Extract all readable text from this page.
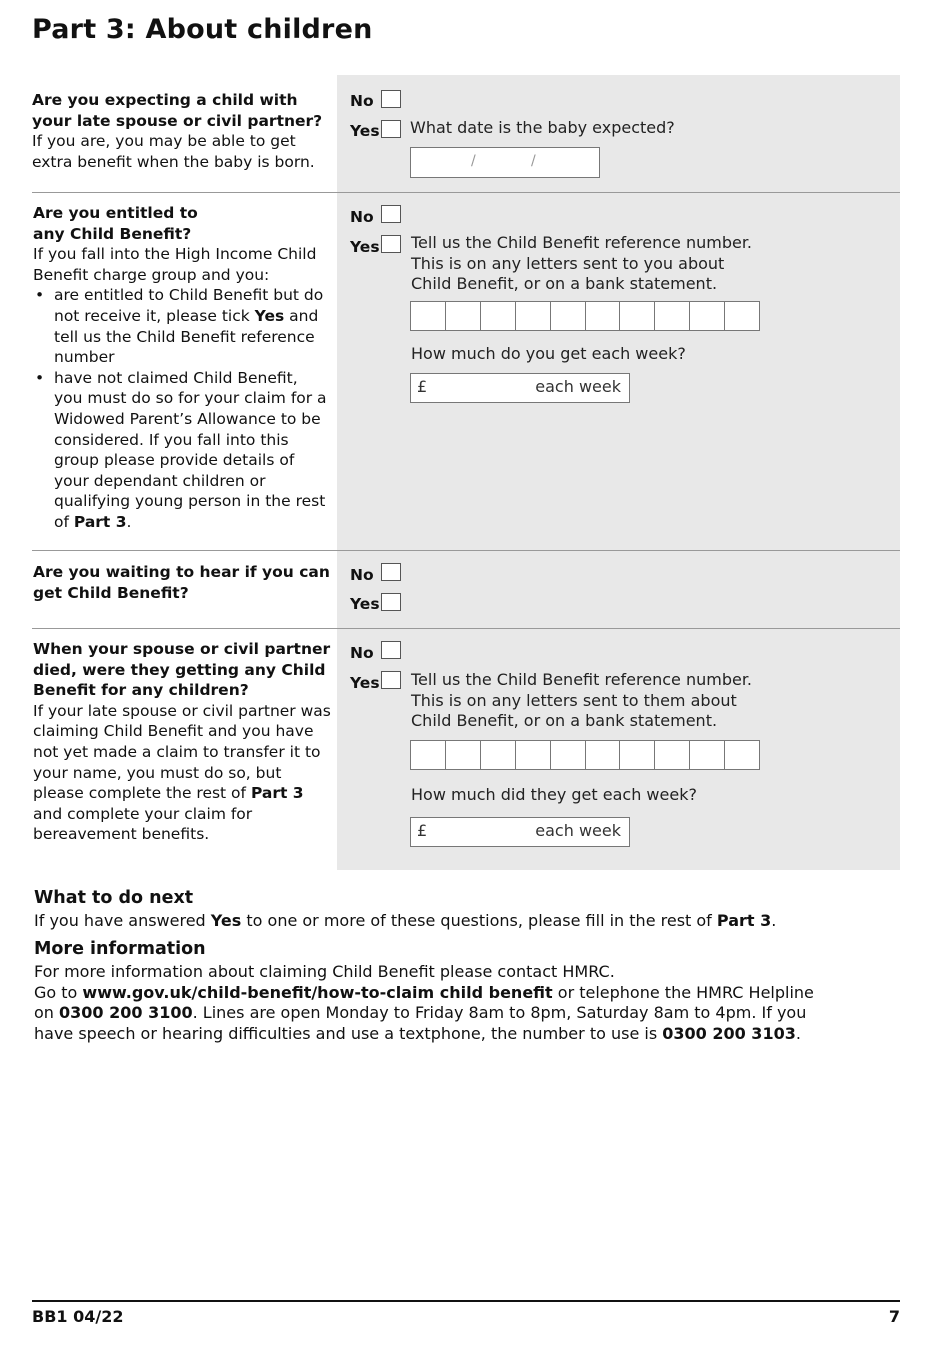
Part 3: About children
Are you expecting a child with your late spouse or civil partner?
If you are, you may be able to get extra benefit when the baby is born.
No
Yes What date is the baby expected?
/	/
Are you entitled to any Child Benefit?
If you fall into the High Income Child Benefit charge group and you:
• are entitled to Child Benefit but do not receive it, please tick Yes and tell us the Child Benefit reference number
• have not claimed Child Benefit, you must do so for your claim for a Widowed Parent’s Allowance to be considered. If you fall into this group please provide details of your dependant children or qualifying young person in the rest of Part 3.
No
Yes Tell us the Child Benefit reference number. This is on any letters sent to you about Child Benefit, or on a bank statement.
How much do you get each week?
£	each week
Are you waiting to hear if you can get Child Benefit?
No
Yes
When your spouse or civil partner died, were they getting any Child Benefit for any children?
If your late spouse or civil partner was claiming Child Benefit and you have not yet made a claim to transfer it to your name, you must do so, but please complete the rest of Part 3 and complete your claim for bereavement benefits.
No
Yes Tell us the Child Benefit reference number. This is on any letters sent to them about Child Benefit, or on a bank statement.
How much did they get each week?
£	each week
What to do next
If you have answered Yes to one or more of these questions, please fill in the rest of Part 3.
More information
For more information about claiming Child Benefit please contact HMRC.
Go to www.gov.uk/child-benefit/how-to-claim child benefit or telephone the HMRC Helpline on 0300 200 3100. Lines are open Monday to Friday 8am to 8pm, Saturday 8am to 4pm. If you have speech or hearing difficulties and use a textphone, the number to use is 0300 200 3103.
BB1 04/22	7
